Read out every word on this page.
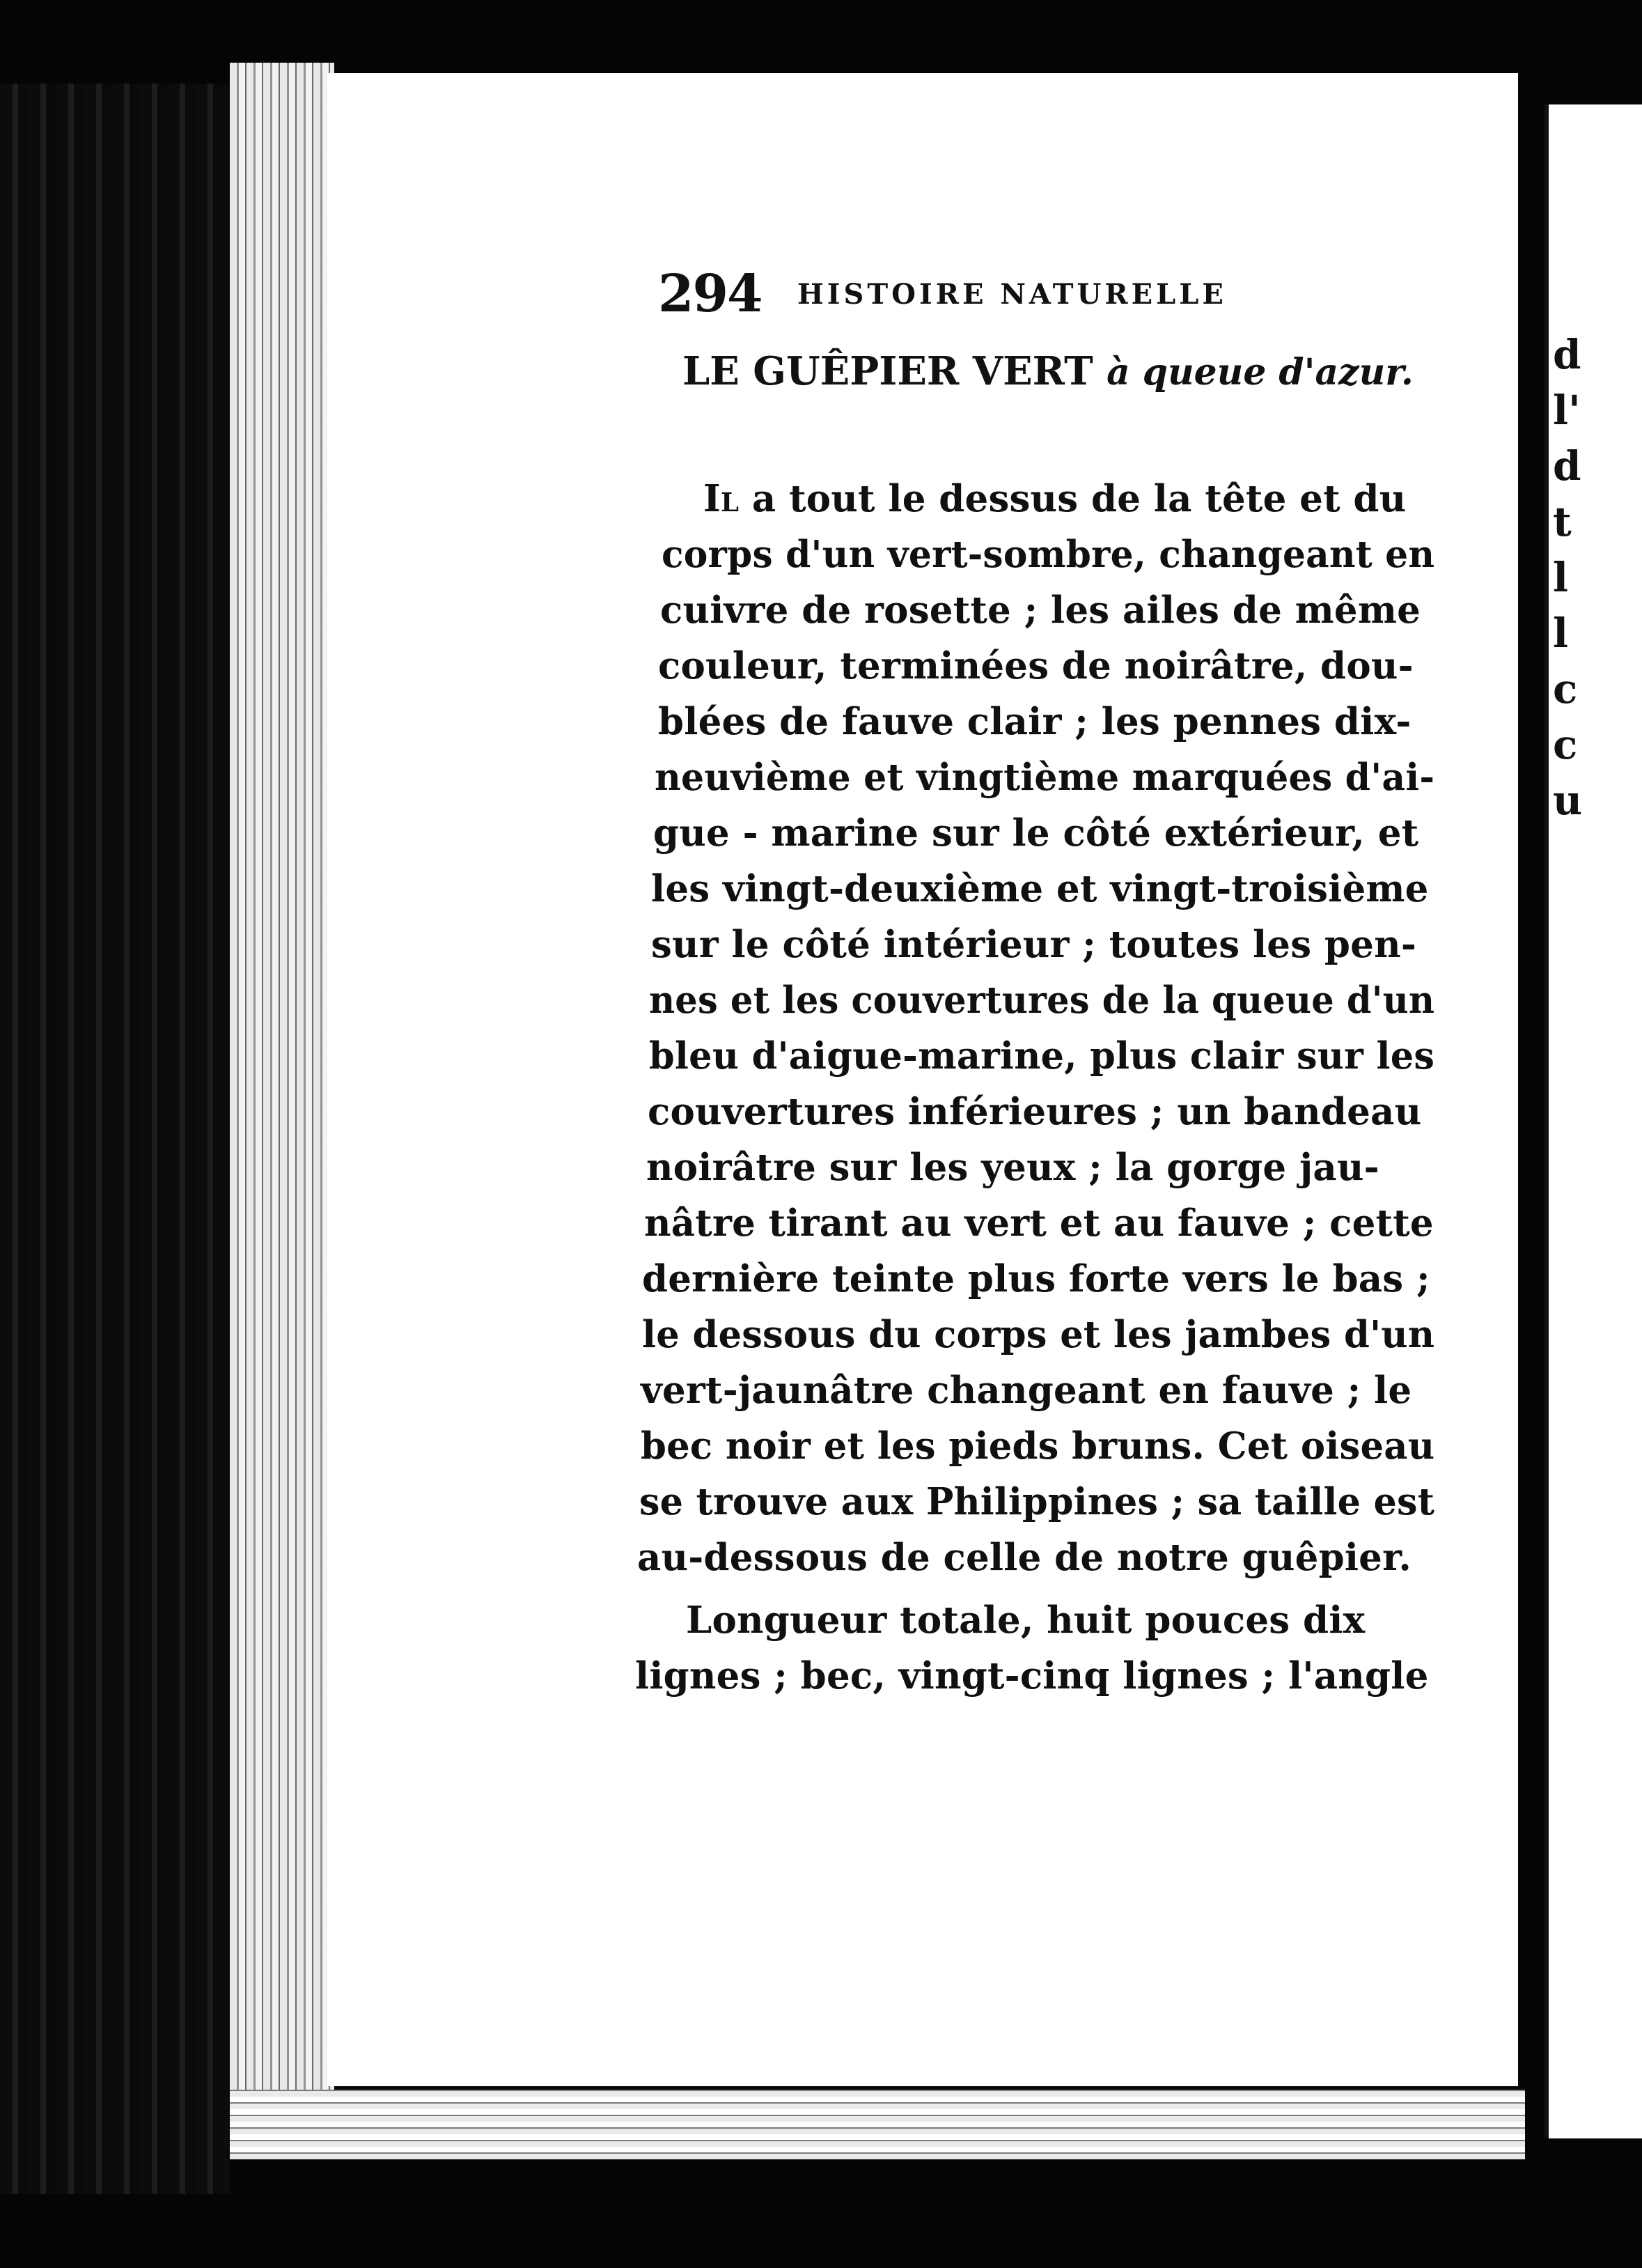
d
l'
d
t
l
l
c
c
u
294 HISTOIRE NATURELLE
LE GUÊPIER VERT à queue d'azur.
Il a tout le dessus de la tête et du
corps d'un vert-sombre, changeant en
cuivre de rosette ; les ailes de même
couleur, terminées de noirâtre, dou-
blées de fauve clair ; les pennes dix-
neuvième et vingtième marquées d'ai-
gue - marine sur le côté extérieur, et
les vingt-deuxième et vingt-troisième
sur le côté intérieur ; toutes les pen-
nes et les couvertures de la queue d'un
bleu d'aigue-marine, plus clair sur les
couvertures inférieures ; un bandeau
noirâtre sur les yeux ; la gorge jau-
nâtre tirant au vert et au fauve ; cette
dernière teinte plus forte vers le bas ;
le dessous du corps et les jambes d'un
vert-jaunâtre changeant en fauve ; le
bec noir et les pieds bruns. Cet oiseau
se trouve aux Philippines ; sa taille est
au-dessous de celle de notre guêpier.
Longueur totale, huit pouces dix
lignes ; bec, vingt-cinq lignes ; l'angle
